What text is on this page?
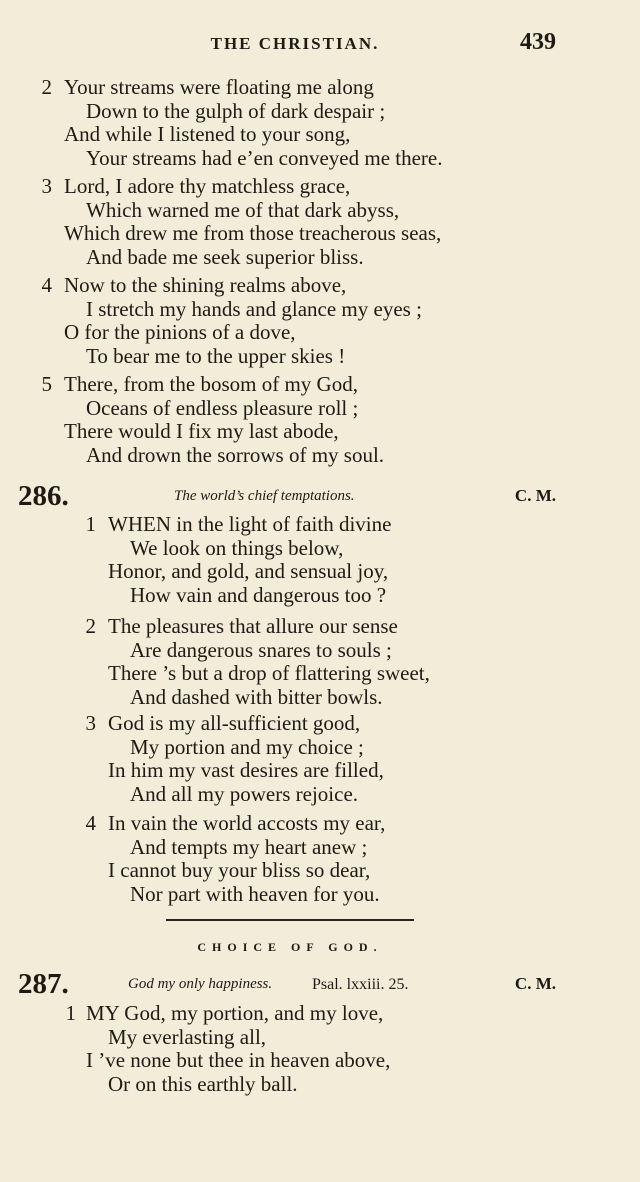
THE CHRISTIAN.	439
2 Your streams were floating me along
Down to the gulph of dark despair ;
And while I listened to your song,
Your streams had e’en conveyed me there.
3 Lord, I adore thy matchless grace,
Which warned me of that dark abyss,
Which drew me from those treacherous seas,
And bade me seek superior bliss.
4 Now to the shining realms above,
I stretch my hands and glance my eyes ;
O for the pinions of a dove,
To bear me to the upper skies !
5 There, from the bosom of my God,
Oceans of endless pleasure roll ;
There would I fix my last abode,
And drown the sorrows of my soul.
286.	The world’s chief temptations.	C. M.
1 WHEN in the light of faith divine
We look on things below,
Honor, and gold, and sensual joy,
How vain and dangerous too ?
2 The pleasures that allure our sense
Are dangerous snares to souls ;
There ’s but a drop of flattering sweet,
And dashed with bitter bowls.
3 God is my all-sufficient good,
My portion and my choice ;
In him my vast desires are filled,
And all my powers rejoice.
4 In vain the world accosts my ear,
And tempts my heart anew ;
I cannot buy your bliss so dear,
Nor part with heaven for you.
CHOICE OF GOD.
287.	God my only happiness. Psal. lxxiii. 25.	C. M.
1 MY God, my portion, and my love,
My everlasting all,
I ’ve none but thee in heaven above,
Or on this earthly ball.
